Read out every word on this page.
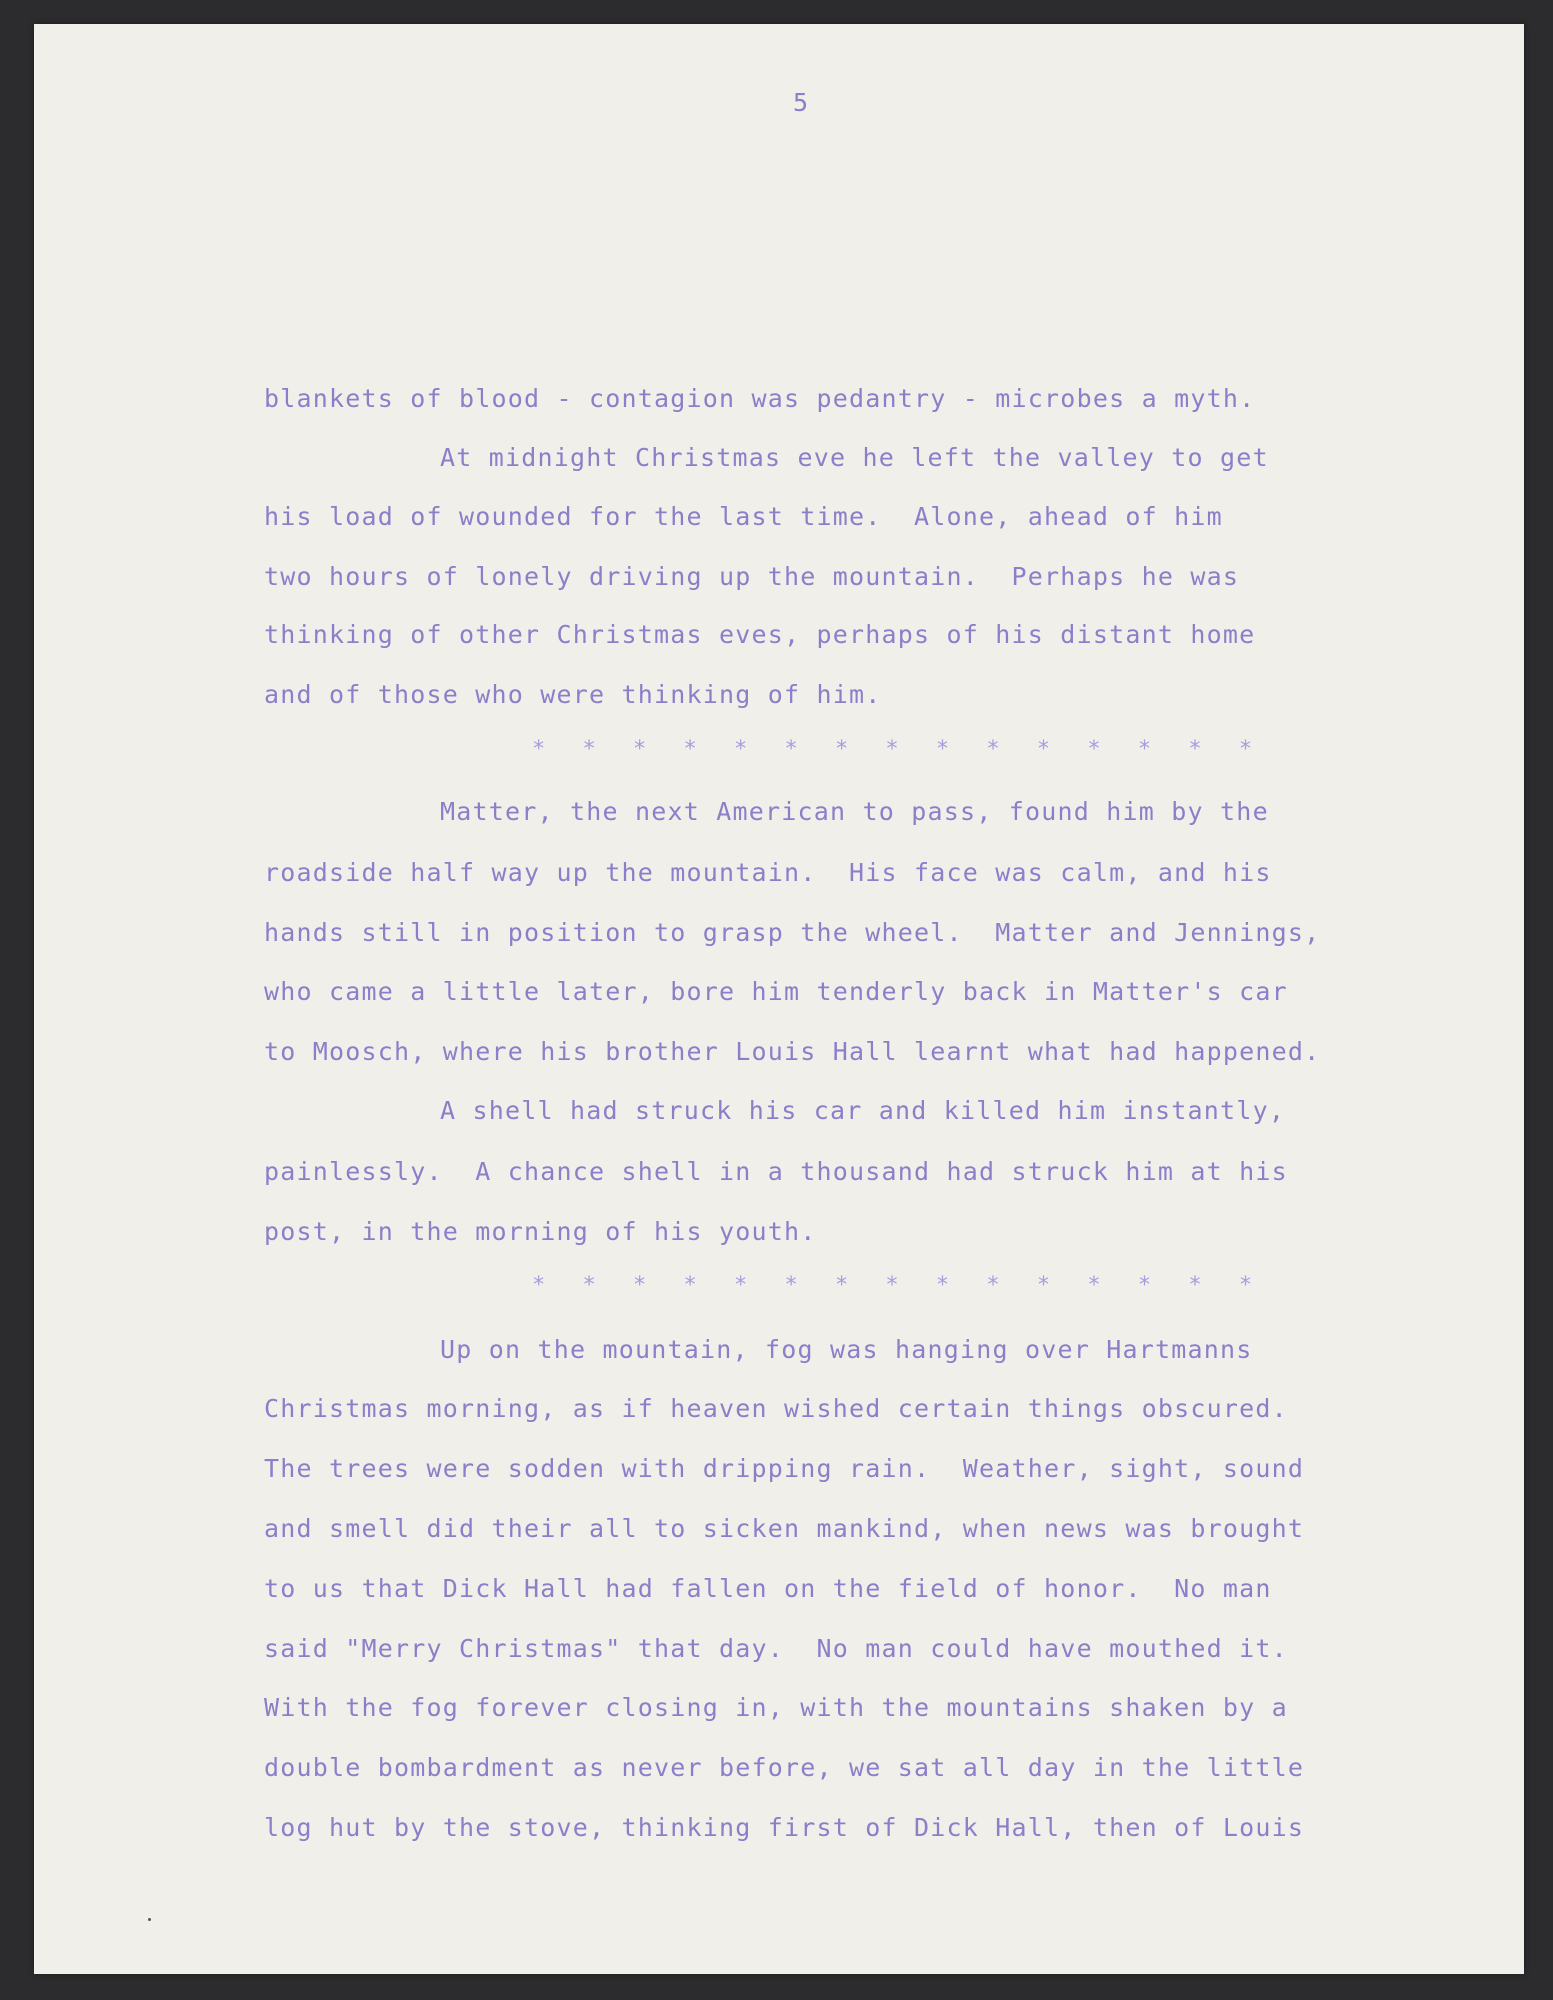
5

blankets of blood - contagion was pedantry - microbes a myth.

At midnight Christmas eve he left the valley to get

his load of wounded for the last time.  Alone, ahead of him

two hours of lonely driving up the mountain.  Perhaps he was

thinking of other Christmas eves, perhaps of his distant home

and of those who were thinking of him.

* * * * * * * * * * * * * * *

Matter, the next American to pass, found him by the

roadside half way up the mountain.  His face was calm, and his

hands still in position to grasp the wheel.  Matter and Jennings,

who came a little later, bore him tenderly back in Matter's car

to Moosch, where his brother Louis Hall learnt what had happened.

A shell had struck his car and killed him instantly,

painlessly.  A chance shell in a thousand had struck him at his

post, in the morning of his youth.

* * * * * * * * * * * * * * *

Up on the mountain, fog was hanging over Hartmanns

Christmas morning, as if heaven wished certain things obscured.

The trees were sodden with dripping rain.  Weather, sight, sound

and smell did their all to sicken mankind, when news was brought

to us that Dick Hall had fallen on the field of honor.  No man

said "Merry Christmas" that day.  No man could have mouthed it.

With the fog forever closing in, with the mountains shaken by a

double bombardment as never before, we sat all day in the little

log hut by the stove, thinking first of Dick Hall, then of Louis
